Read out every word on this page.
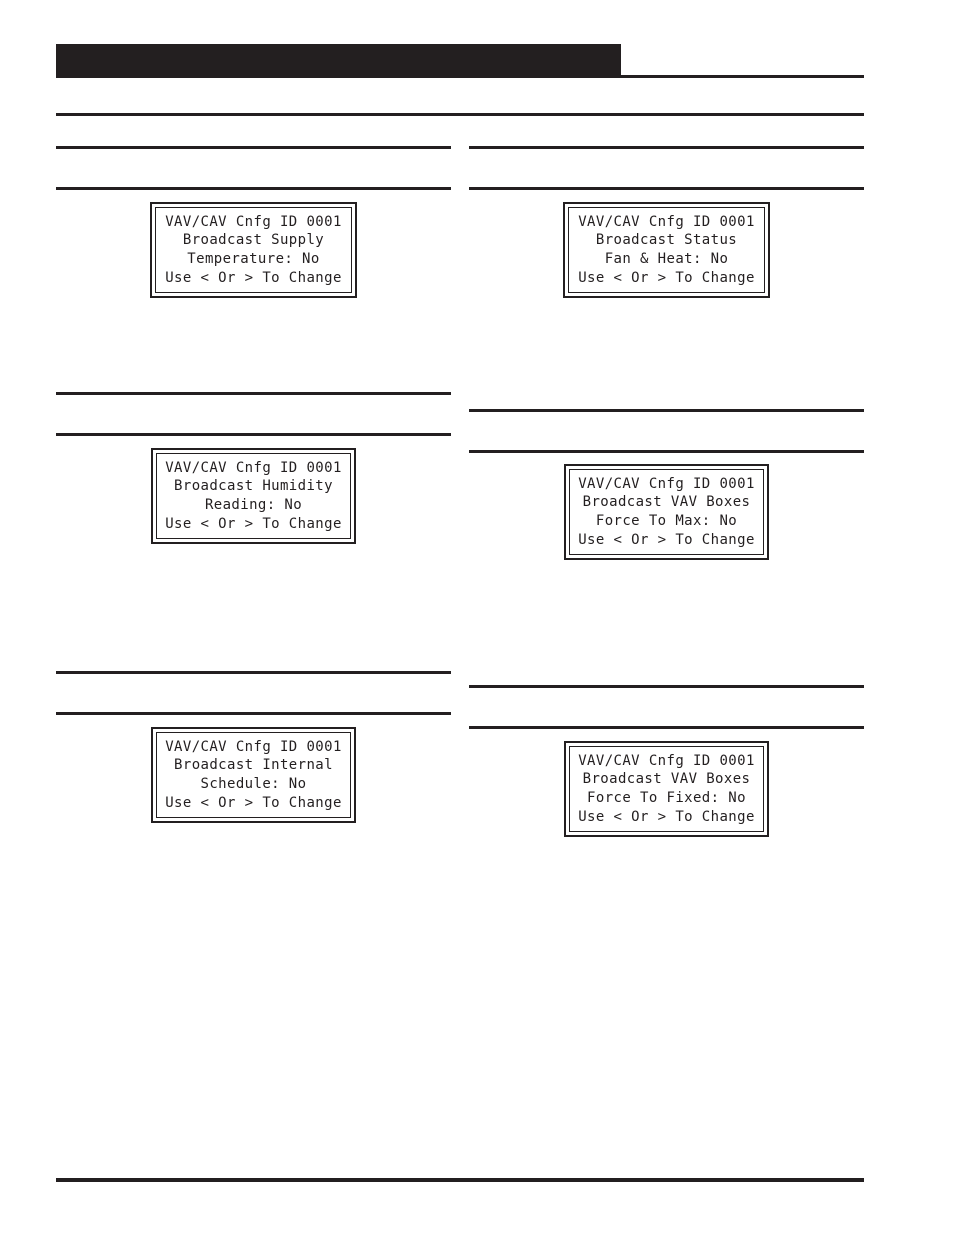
VAV/CAV Cnfg ID 0001
Broadcast Supply
Temperature: No
Use < Or > To Change
VAV/CAV Cnfg ID 0001
Broadcast Humidity
Reading: No
Use < Or > To Change
VAV/CAV Cnfg ID 0001
Broadcast Internal
Schedule: No
Use < Or > To Change
VAV/CAV Cnfg ID 0001
Broadcast Status
Fan & Heat: No
Use < Or > To Change
VAV/CAV Cnfg ID 0001
Broadcast VAV Boxes
Force To Max: No
Use < Or > To Change
VAV/CAV Cnfg ID 0001
Broadcast VAV Boxes
Force To Fixed: No
Use < Or > To Change
